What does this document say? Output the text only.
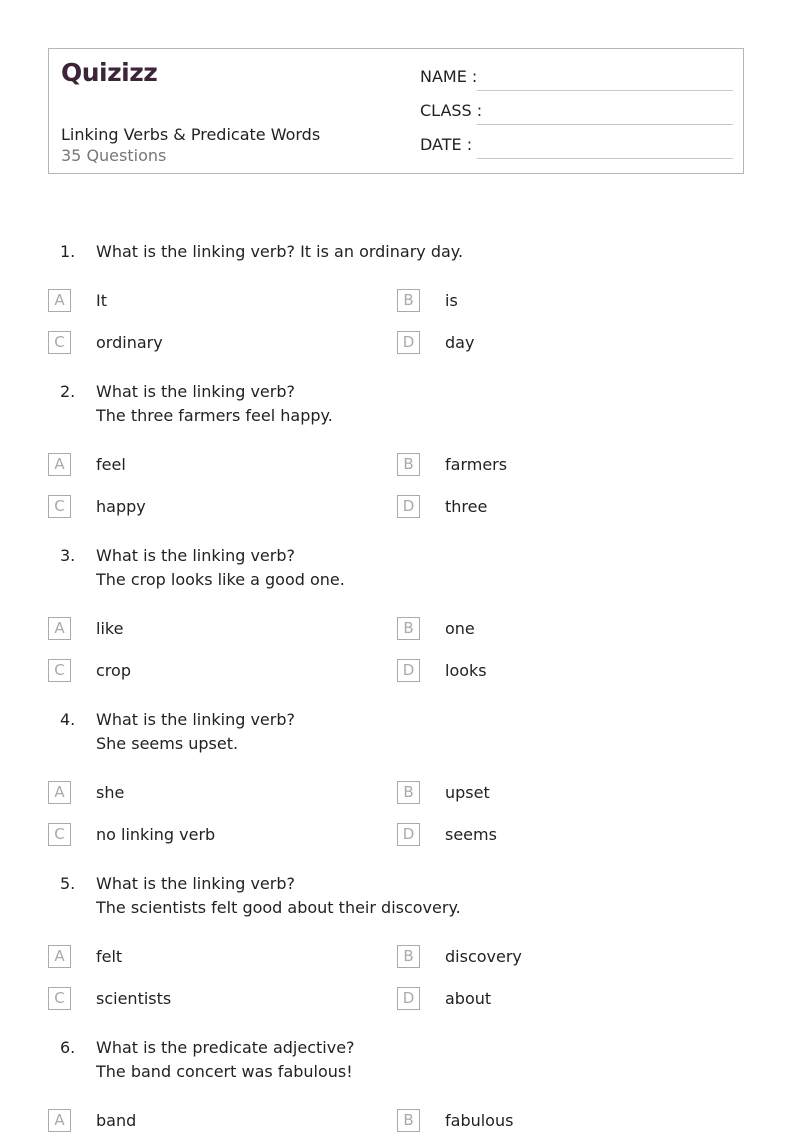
Quizizz
Linking Verbs & Predicate Words
35 Questions
NAME :
CLASS :
DATE :
1.	What is the linking verb? It is an ordinary day.
A	It	B	is
C	ordinary	D	day
2.	What is the linking verb?
The three farmers feel happy.
A	feel	B	farmers
C	happy	D	three
3.	What is the linking verb?
The crop looks like a good one.
A	like	B	one
C	crop	D	looks
4.	What is the linking verb?
She seems upset.
A	she	B	upset
C	no linking verb	D	seems
5.	What is the linking verb?
The scientists felt good about their discovery.
A	felt	B	discovery
C	scientists	D	about
6.	What is the predicate adjective?
The band concert was fabulous!
A	band	B	fabulous
